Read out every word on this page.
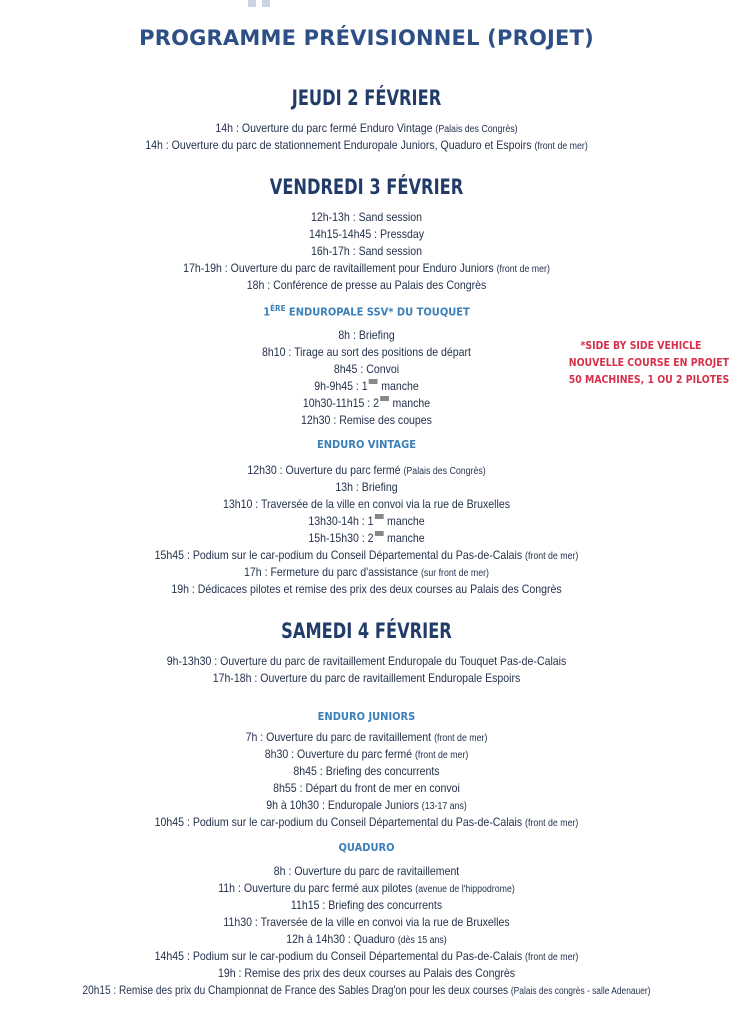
PROGRAMME PRÉVISIONNEL (PROJET)
JEUDI 2 FÉVRIER
14h : Ouverture du parc fermé Enduro Vintage (Palais des Congrès)
14h : Ouverture du parc de stationnement Enduropale Juniors, Quaduro et Espoirs (front de mer)
VENDREDI 3 FÉVRIER
12h-13h : Sand session
14h15-14h45 : Pressday
16h-17h : Sand session
17h-19h : Ouverture du parc de ravitaillement pour Enduro Juniors (front de mer)
18h : Conférence de presse au Palais des Congrès
1ÈRE ENDUROPALE SSV* DU TOUQUET
8h : Briefing
8h10 : Tirage au sort des positions de départ
8h45 : Convoi
9h-9h45 : 1 manche
10h30-11h15 : 2 manche
12h30 : Remise des coupes
*SIDE BY SIDE VEHICLE
NOUVELLE COURSE EN PROJET
50 MACHINES, 1 OU 2 PILOTES
ENDURO VINTAGE
12h30 : Ouverture du parc fermé (Palais des Congrès)
13h : Briefing
13h10 : Traversée de la ville en convoi via la rue de Bruxelles
13h30-14h : 1 manche
15h-15h30 : 2 manche
15h45 : Podium sur le car-podium du Conseil Départemental du Pas-de-Calais (front de mer)
17h : Fermeture du parc d'assistance (sur front de mer)
19h : Dédicaces pilotes et remise des prix des deux courses au Palais des Congrès
SAMEDI 4 FÉVRIER
9h-13h30 : Ouverture du parc de ravitaillement Enduropale du Touquet Pas-de-Calais
17h-18h : Ouverture du parc de ravitaillement Enduropale Espoirs
ENDURO JUNIORS
7h : Ouverture du parc de ravitaillement (front de mer)
8h30 : Ouverture du parc fermé (front de mer)
8h45 : Briefing des concurrents
8h55 : Départ du front de mer en convoi
9h à 10h30 : Enduropale Juniors (13-17 ans)
10h45 : Podium sur le car-podium du Conseil Départemental du Pas-de-Calais (front de mer)
QUADURO
8h : Ouverture du parc de ravitaillement
11h : Ouverture du parc fermé aux pilotes (avenue de l'hippodrome)
11h15 : Briefing des concurrents
11h30 : Traversée de la ville en convoi via la rue de Bruxelles
12h à 14h30 : Quaduro (dès 15 ans)
14h45 : Podium sur le car-podium du Conseil Départemental du Pas-de-Calais (front de mer)
19h : Remise des prix des deux courses au Palais des Congrès
20h15 : Remise des prix du Championnat de France des Sables Drag'on pour les deux courses (Palais des congrès - salle Adenauer)
